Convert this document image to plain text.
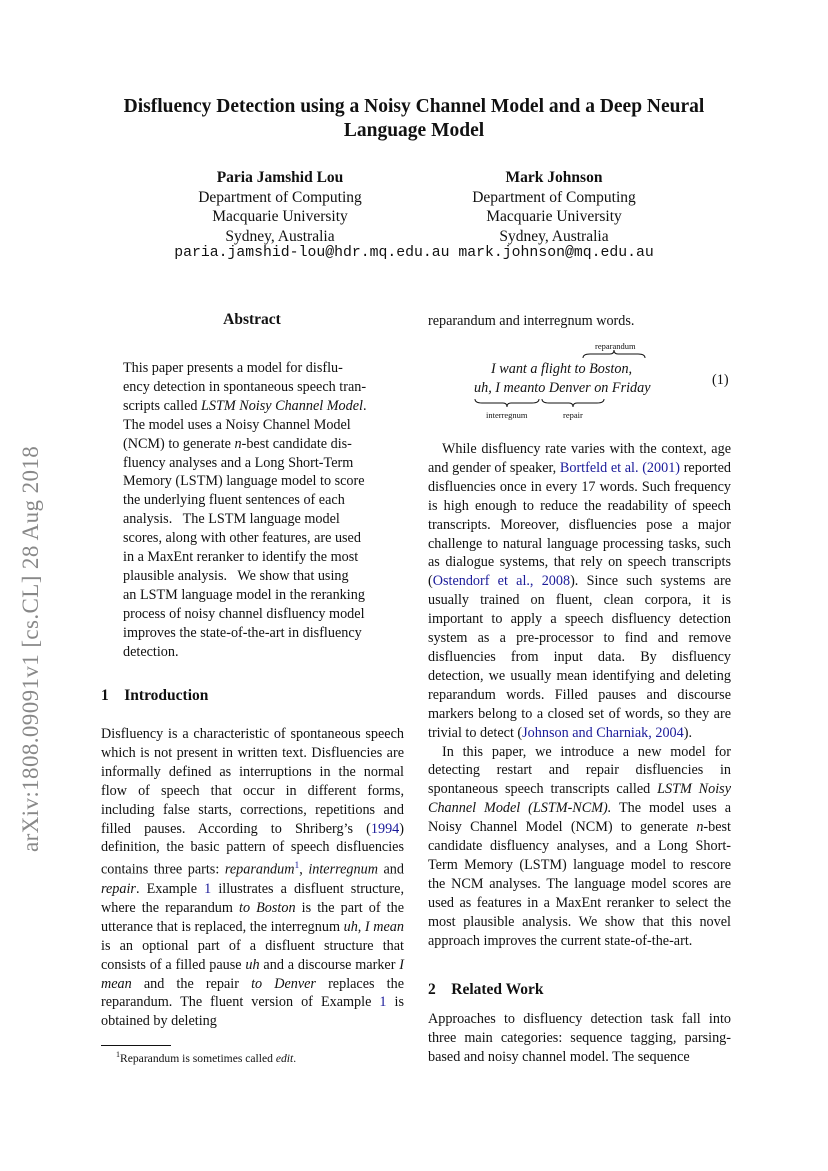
Disfluency Detection using a Noisy Channel Model and a Deep Neural
Language Model
Paria Jamshid Lou
Department of Computing
Macquarie University
Sydney, Australia
Mark Johnson
Department of Computing
Macquarie University
Sydney, Australia
paria.jamshid-lou@hdr.mq.edu.au mark.johnson@mq.edu.au
arXiv:1808.09091v1 [cs.CL] 28 Aug 2018
Abstract
This paper presents a model for disflu-
ency detection in spontaneous speech tran-
scripts called LSTM Noisy Channel Model.
The model uses a Noisy Channel Model
(NCM) to generate n-best candidate dis-
fluency analyses and a Long Short-Term
Memory (LSTM) language model to score
the underlying fluent sentences of each
analysis.   The LSTM language model
scores, along with other features, are used
in a MaxEnt reranker to identify the most
plausible analysis.   We show that using
an LSTM language model in the reranking
process of noisy channel disfluency model
improves the state-of-the-art in disfluency
detection.
1 Introduction

Disfluency is a characteristic of spontaneous speech which is not present in written text. Disfluencies are informally defined as interruptions in the normal flow of speech that occur in different forms, including false starts, corrections, repetitions and filled pauses. According to Shriberg’s (1994) definition, the basic pattern of speech disfluencies contains three parts: reparandum$^1$, interregnum and repair. Example 1 illustrates a disfluent structure, where the reparandum to Boston is the part of the utterance that is replaced, the interregnum uh, I mean is an optional part of a disfluent structure that consists of a filled pause uh and a discourse marker I mean and the repair to Denver replaces the reparandum. The fluent version of Example 1 is obtained by deleting

$^1$Reparandum is sometimes called edit.
reparandum and interregnum words.
reparandum
I want a flight to Boston,
uh, I meanto Denver on Friday
interregnum	repair
(1)

While disfluency rate varies with the context, age and gender of speaker, Bortfeld et al. (2001) reported disfluencies once in every 17 words. Such frequency is high enough to reduce the readability of speech transcripts. Moreover, disfluencies pose a major challenge to natural language processing tasks, such as dialogue systems, that rely on speech transcripts (Ostendorf et al., 2008). Since such systems are usually trained on fluent, clean corpora, it is important to apply a speech disfluency detection system as a pre-processor to find and remove disfluencies from input data. By disfluency detection, we usually mean identifying and deleting reparandum words. Filled pauses and discourse markers belong to a closed set of words, so they are trivial to detect (Johnson and Charniak, 2004).

In this paper, we introduce a new model for detecting restart and repair disfluencies in spontaneous speech transcripts called LSTM Noisy Channel Model (LSTM-NCM). The model uses a Noisy Channel Model (NCM) to generate n-best candidate disfluency analyses, and a Long Short-Term Memory (LSTM) language model to rescore the NCM analyses. The language model scores are used as features in a MaxEnt reranker to select the most plausible analysis. We show that this novel approach improves the current state-of-the-art.

2 Related Work
Approaches to disfluency detection task fall into three main categories: sequence tagging, parsing-based and noisy channel model. The sequence
